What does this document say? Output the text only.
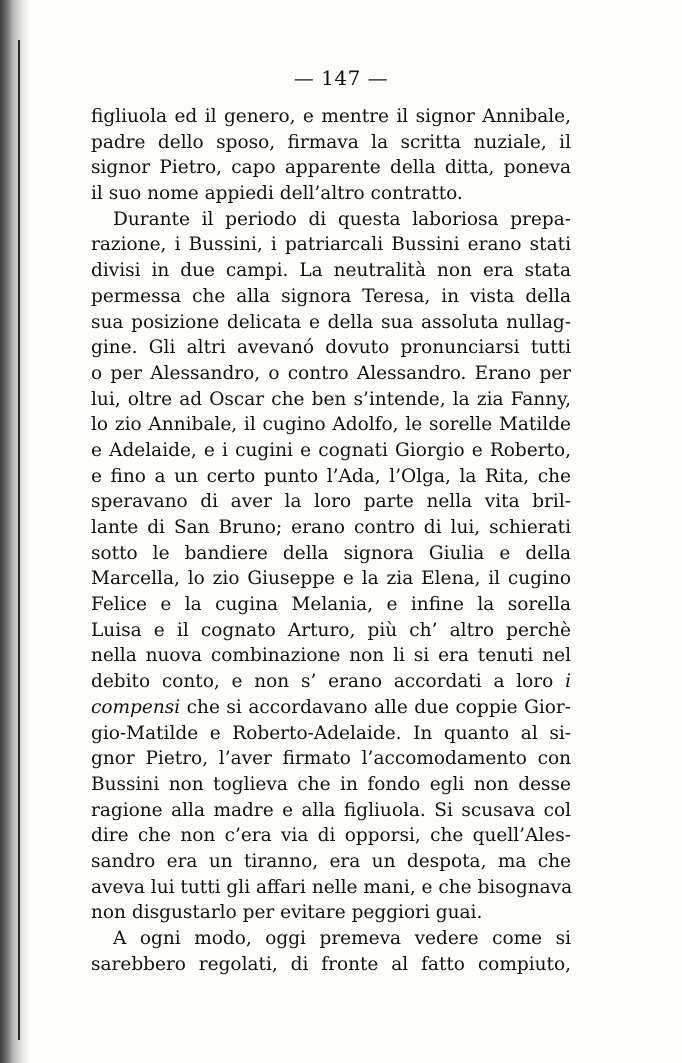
— 147 —
figliuola ed il genero, e mentre il signor Annibale,
padre dello sposo, firmava la scritta nuziale, il
signor Pietro, capo apparente della ditta, poneva
il suo nome appiedi dell’altro contratto.
Durante il periodo di questa laboriosa prepa-
razione, i Bussini, i patriarcali Bussini erano stati
divisi in due campi. La neutralità non era stata
permessa che alla signora Teresa, in vista della
sua posizione delicata e della sua assoluta nullag-
gine. Gli altri avevanó dovuto pronunciarsi tutti
o per Alessandro, o contro Alessandro. Erano per
lui, oltre ad Oscar che ben s’intende, la zia Fanny,
lo zio Annibale, il cugino Adolfo, le sorelle Matilde
e Adelaide, e i cugini e cognati Giorgio e Roberto,
e fino a un certo punto l’Ada, l’Olga, la Rita, che
speravano di aver la loro parte nella vita bril-
lante di San Bruno; erano contro di lui, schierati
sotto le bandiere della signora Giulia e della
Marcella, lo zio Giuseppe e la zia Elena, il cugino
Felice e la cugina Melania, e infine la sorella
Luisa e il cognato Arturo, più ch’ altro perchè
nella nuova combinazione non li si era tenuti nel
debito conto, e non s’ erano accordati a loro i
compensi che si accordavano alle due coppie Gior-
gio-Matilde e Roberto-Adelaide. In quanto al si-
gnor Pietro, l’aver firmato l’accomodamento con
Bussini non toglieva che in fondo egli non desse
ragione alla madre e alla figliuola. Si scusava col
dire che non c’era via di opporsi, che quell’Ales-
sandro era un tiranno, era un despota, ma che
aveva lui tutti gli affari nelle mani, e che bisognava
non disgustarlo per evitare peggiori guai.
A ogni modo, oggi premeva vedere come si
sarebbero regolati, di fronte al fatto compiuto,
